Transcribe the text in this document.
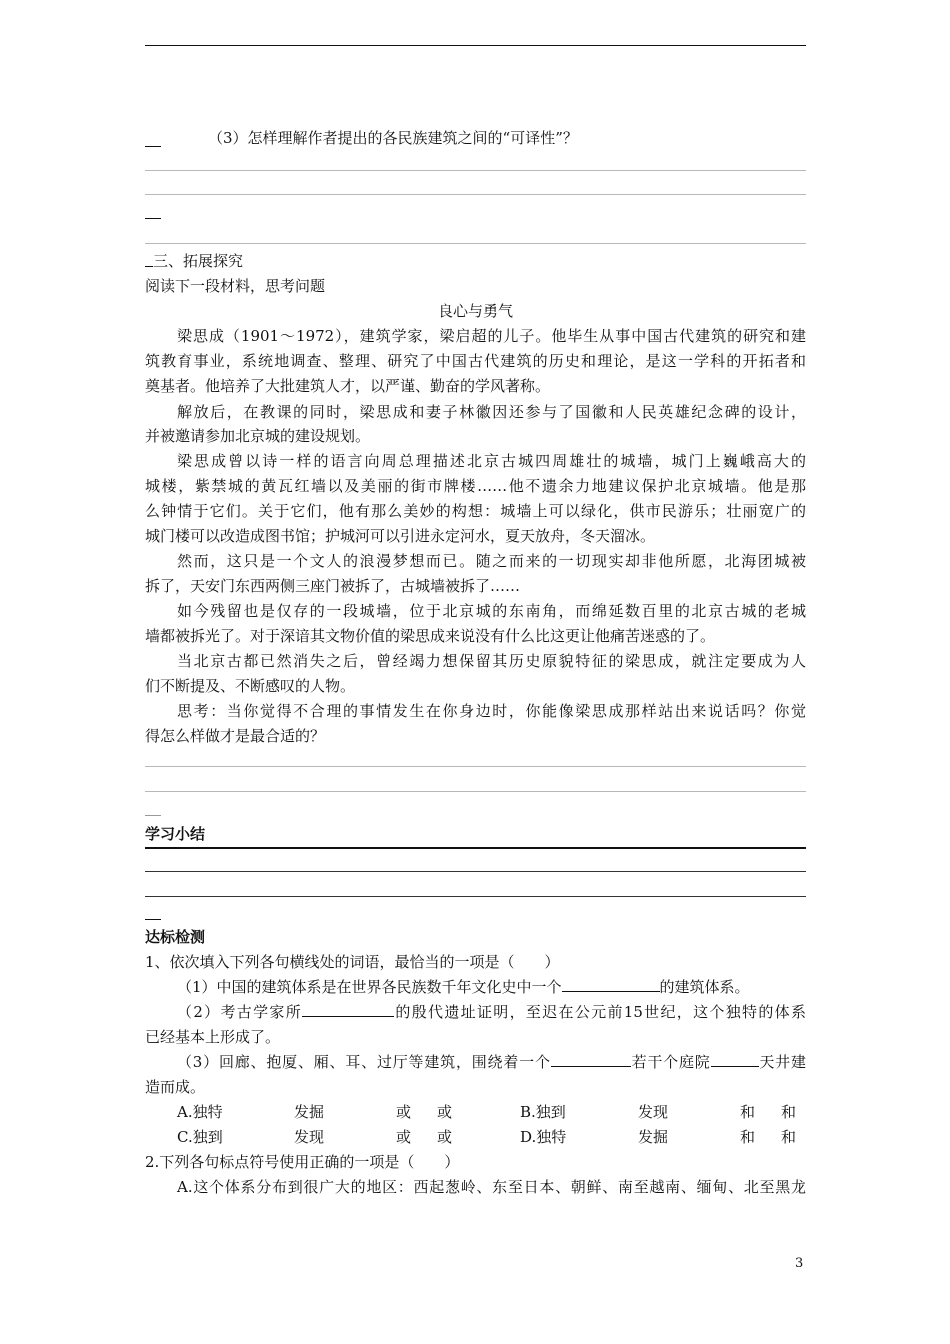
（3）怎样理解作者提出的各民族建筑之间的“可译性”？
三、拓展探究
阅读下一段材料，思考问题
良心与勇气
梁思成（1901～1972），建筑学家，梁启超的儿子。他毕生从事中国古代建筑的研究和建
筑教育事业，系统地调查、整理、研究了中国古代建筑的历史和理论，是这一学科的开拓者和
奠基者。他培养了大批建筑人才，以严谨、勤奋的学风著称。
解放后，在教课的同时，梁思成和妻子林徽因还参与了国徽和人民英雄纪念碑的设计，
并被邀请参加北京城的建设规划。
梁思成曾以诗一样的语言向周总理描述北京古城四周雄壮的城墙，城门上巍峨高大的
城楼，紫禁城的黄瓦红墙以及美丽的街市牌楼……他不遗余力地建议保护北京城墙。他是那
么钟情于它们。关于它们，他有那么美妙的构想：城墙上可以绿化，供市民游乐；壮丽宽广的
城门楼可以改造成图书馆；护城河可以引进永定河水，夏天放舟，冬天溜冰。
然而，这只是一个文人的浪漫梦想而已。随之而来的一切现实却非他所愿，北海团城被
拆了，天安门东西两侧三座门被拆了，古城墙被拆了……
如今残留也是仅存的一段城墙，位于北京城的东南角，而绵延数百里的北京古城的老城
墙都被拆光了。对于深谙其文物价值的梁思成来说没有什么比这更让他痛苦迷惑的了。
当北京古都已然消失之后，曾经竭力想保留其历史原貌特征的梁思成，就注定要成为人
们不断提及、不断感叹的人物。
思考：当你觉得不合理的事情发生在你身边时，你能像梁思成那样站出来说话吗？你觉
得怎么样做才是最合适的？
学习小结
达标检测
1、依次填入下列各句横线处的词语，最恰当的一项是（　　）
（1）中国的建筑体系是在世界各民族数千年文化史中一个	的建筑体系。
（2）考古学家所	的殷代遗址证明，至迟在公元前15世纪，这个独特的体系
已经基本上形成了。
（3）回廊、抱厦、厢、耳、过厅等建筑，围绕着一个	若干个庭院	天井建
造而成。
A.独特	发掘	或 或	B.独到	发现	和 和
C.独到	发现	或 或	D.独特	发掘	和 和
2.下列各句标点符号使用正确的一项是（　　）
A.这个体系分布到很广大的地区：西起葱岭、东至日本、朝鲜、南至越南、缅甸、北至黑龙
3
